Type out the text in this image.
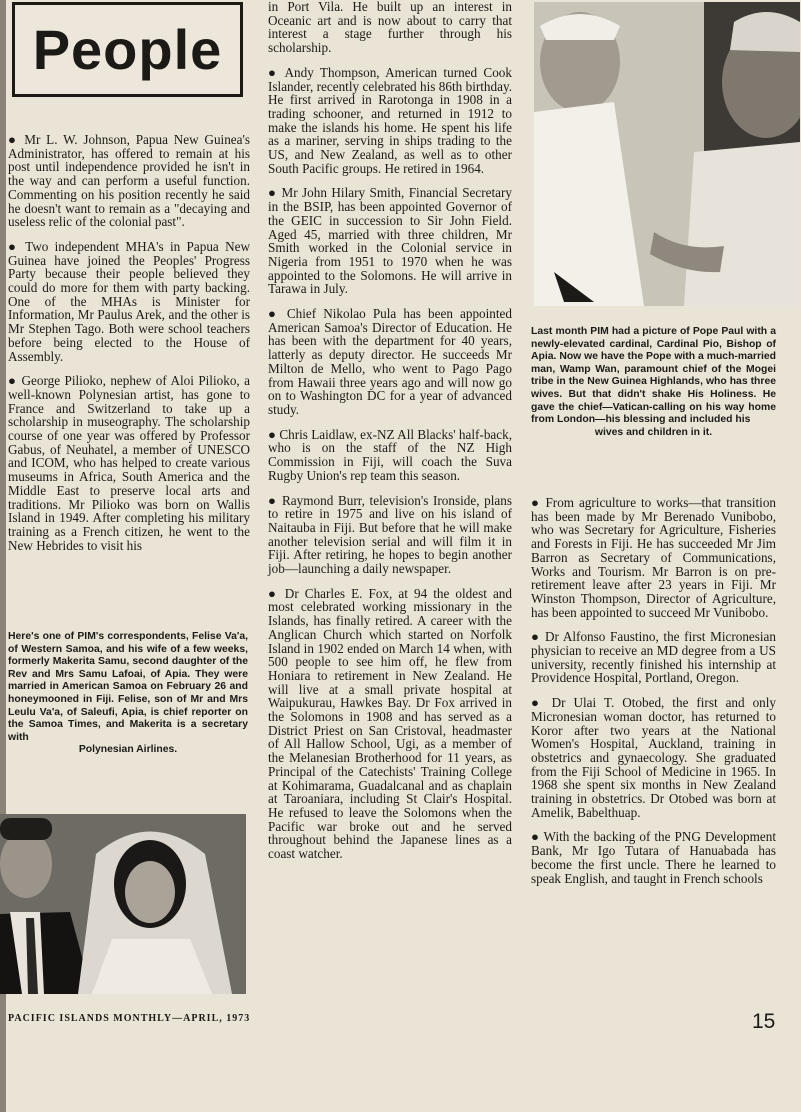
People

● Mr L. W. Johnson, Papua New Guinea's Administrator, has offered to remain at his post until independence provided he isn't in the way and can perform a useful function. Commenting on his position recently he said he doesn't want to remain as a "decaying and useless relic of the colonial past".

● Two independent MHA's in Papua New Guinea have joined the Peoples' Progress Party because their people believed they could do more for them with party backing. One of the MHAs is Minister for Information, Mr Paulus Arek, and the other is Mr Stephen Tago. Both were school teachers before being elected to the House of Assembly.

● George Pilioko, nephew of Aloi Pilioko, a well-known Polynesian artist, has gone to France and Switzerland to take up a scholarship in museography. The scholarship course of one year was offered by Professor Gabus, of Neuhatel, a member of UNESCO and ICOM, who has helped to create various museums in Africa, South America and the Middle East to preserve local arts and traditions. Mr Pilioko was born on Wallis Island in 1949. After completing his military training as a French citizen, he went to the New Hebrides to visit his

Here's one of PIM's correspondents, Felise Va'a, of Western Samoa, and his wife of a few weeks, formerly Makerita Samu, second daughter of the Rev and Mrs Samu Lafoai, of Apia. They were married in American Samoa on February 26 and honeymooned in Fiji. Felise, son of Mr and Mrs Leulu Va'a, of Saleufi, Apia, is chief reporter on the Samoa Times, and Makerita is a secretary with
Polynesian Airlines.

in Port Vila. He built up an interest in Oceanic art and is now about to carry that interest a stage further through his scholarship.

● Andy Thompson, American turned Cook Islander, recently celebrated his 86th birthday. He first arrived in Rarotonga in 1908 in a trading schooner, and returned in 1912 to make the islands his home. He spent his life as a mariner, serving in ships trading to the US, and New Zealand, as well as to other South Pacific groups. He retired in 1964.

● Mr John Hilary Smith, Financial Secretary in the BSIP, has been appointed Governor of the GEIC in succession to Sir John Field. Aged 45, married with three children, Mr Smith worked in the Colonial service in Nigeria from 1951 to 1970 when he was appointed to the Solomons. He will arrive in Tarawa in July.

● Chief Nikolao Pula has been appointed American Samoa's Director of Education. He has been with the department for 40 years, latterly as deputy director. He succeeds Mr Milton de Mello, who went to Pago Pago from Hawaii three years ago and will now go on to Washington DC for a year of advanced study.

● Chris Laidlaw, ex-NZ All Blacks' half-back, who is on the staff of the NZ High Commission in Fiji, will coach the Suva Rugby Union's rep team this season.

● Raymond Burr, television's Ironside, plans to retire in 1975 and live on his island of Naitauba in Fiji. But before that he will make another television serial and will film it in Fiji. After retiring, he hopes to begin another job—launching a daily newspaper.

● Dr Charles E. Fox, at 94 the oldest and most celebrated working missionary in the Islands, has finally retired. A career with the Anglican Church which started on Norfolk Island in 1902 ended on March 14 when, with 500 people to see him off, he flew from Honiara to retirement in New Zealand. He will live at a small private hospital at Waipukurau, Hawkes Bay. Dr Fox arrived in the Solomons in 1908 and has served as a District Priest on San Cristoval, headmaster of All Hallow School, Ugi, as a member of the Melanesian Brotherhood for 11 years, as Principal of the Catechists' Training College at Kohimarama, Guadalcanal and as chaplain at Taroaniara, including St Clair's Hospital. He refused to leave the Solomons when the Pacific war broke out and he served throughout behind the Japanese lines as a coast watcher.

Last month PIM had a picture of Pope Paul with a newly-elevated cardinal, Cardinal Pio, Bishop of Apia. Now we have the Pope with a much-married man, Wamp Wan, paramount chief of the Mogei tribe in the New Guinea Highlands, who has three wives. But that didn't shake His Holiness. He gave the chief—Vatican-calling on his way home from London—his blessing and included his
wives and children in it.

● From agriculture to works—that transition has been made by Mr Berenado Vunibobo, who was Secretary for Agriculture, Fisheries and Forests in Fiji. He has succeeded Mr Jim Barron as Secretary of Communications, Works and Tourism. Mr Barron is on pre-retirement leave after 23 years in Fiji. Mr Winston Thompson, Director of Agriculture, has been appointed to succeed Mr Vunibobo.

● Dr Alfonso Faustino, the first Micronesian physician to receive an MD degree from a US university, recently finished his internship at Providence Hospital, Portland, Oregon.

● Dr Ulai T. Otobed, the first and only Micronesian woman doctor, has returned to Koror after two years at the National Women's Hospital, Auckland, training in obstetrics and gynaecology. She graduated from the Fiji School of Medicine in 1965. In 1968 she spent six months in New Zealand training in obstetrics. Dr Otobed was born at Amelik, Babelthuap.

● With the backing of the PNG Development Bank, Mr Igo Tutara of Hanuabada has become the first uncle. There he learned to speak English, and taught in French schools

PACIFIC ISLANDS MONTHLY—APRIL, 1973	15
